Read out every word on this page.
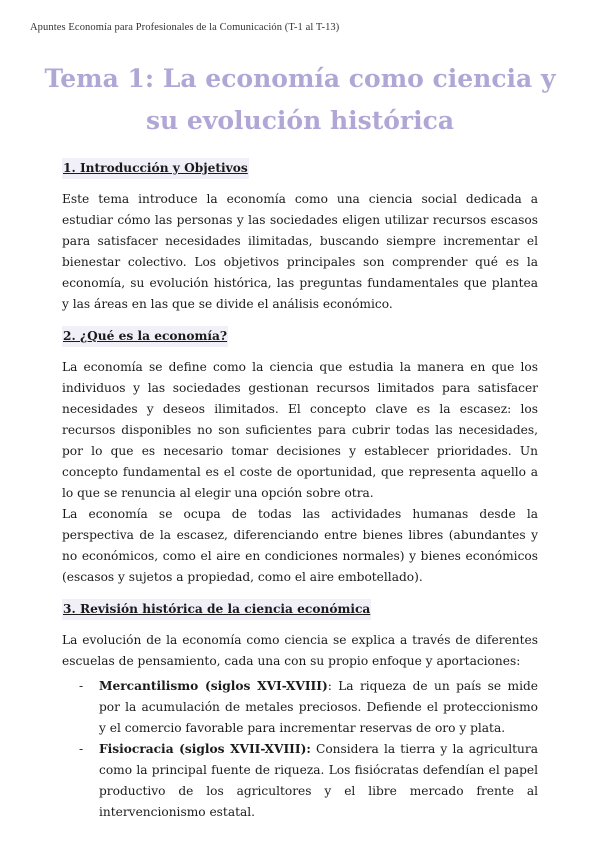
Apuntes Economía para Profesionales de la Comunicación (T-1 al T-13)
Tema 1: La economía como ciencia y su evolución histórica
1. Introducción y Objetivos

Este tema introduce la economía como una ciencia social dedicada a estudiar cómo las personas y las sociedades eligen utilizar recursos escasos para satisfacer necesidades ilimitadas, buscando siempre incrementar el bienestar colectivo. Los objetivos principales son comprender qué es la economía, su evolución histórica, las preguntas fundamentales que plantea y las áreas en las que se divide el análisis económico.

2. ¿Qué es la economía?

La economía se define como la ciencia que estudia la manera en que los individuos y las sociedades gestionan recursos limitados para satisfacer necesidades y deseos ilimitados. El concepto clave es la escasez: los recursos disponibles no son suficientes para cubrir todas las necesidades, por lo que es necesario tomar decisiones y establecer prioridades. Un concepto fundamental es el coste de oportunidad, que representa aquello a lo que se renuncia al elegir una opción sobre otra.

La economía se ocupa de todas las actividades humanas desde la perspectiva de la escasez, diferenciando entre bienes libres (abundantes y no económicos, como el aire en condiciones normales) y bienes económicos (escasos y sujetos a propiedad, como el aire embotellado).

3. Revisión histórica de la ciencia económica

La evolución de la economía como ciencia se explica a través de diferentes escuelas de pensamiento, cada una con su propio enfoque y aportaciones:

- Mercantilismo (siglos XVI-XVIII): La riqueza de un país se mide por la acumulación de metales preciosos. Defiende el proteccionismo y el comercio favorable para incrementar reservas de oro y plata.
- Fisiocracia (siglos XVII-XVIII): Considera la tierra y la agricultura como la principal fuente de riqueza. Los fisiócratas defendían el papel productivo de los agricultores y el libre mercado frente al intervencionismo estatal.
